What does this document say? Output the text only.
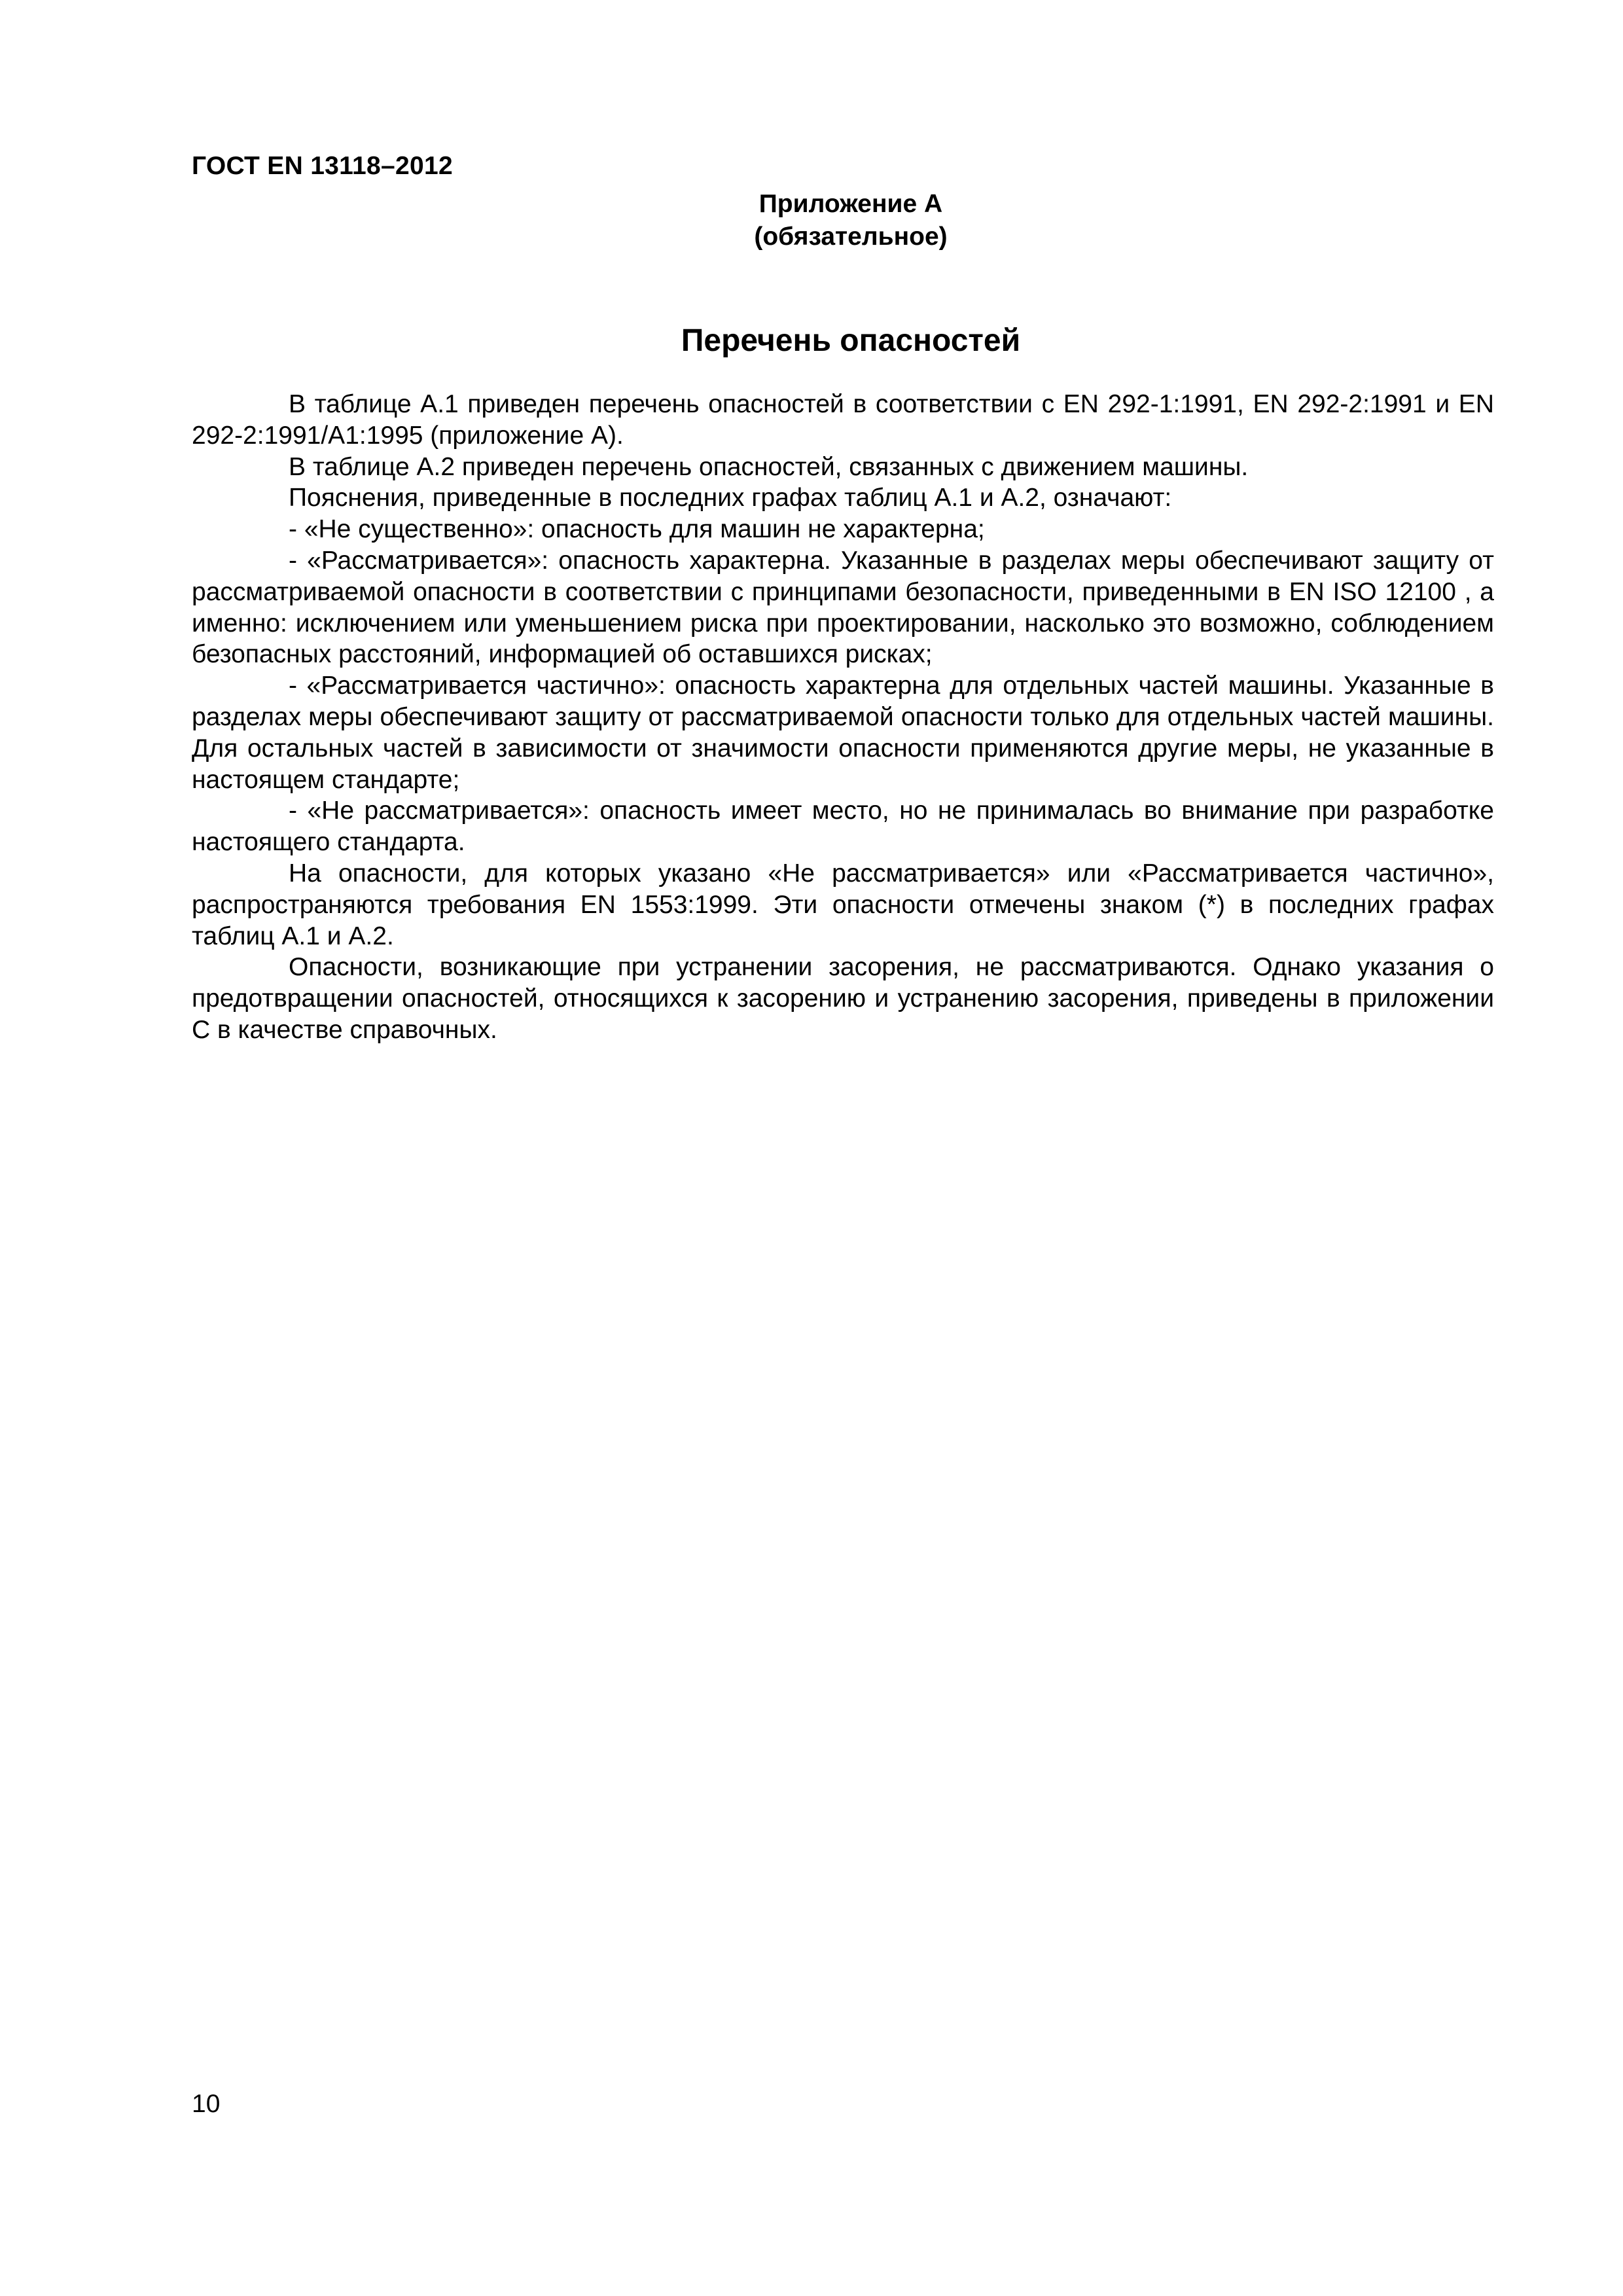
ГОСТ EN 13118–2012
Приложение А
(обязательное)
Перечень опасностей

В таблице А.1 приведен перечень опасностей в соответствии с EN 292-1:1991, EN 292-2:1991 и EN 292-2:1991/A1:1995 (приложение А).

В таблице А.2 приведен перечень опасностей, связанных с движением машины.

Пояснения, приведенные в последних графах таблиц А.1 и А.2, означают:

- «Не существенно»: опасность для машин не характерна;

- «Рассматривается»: опасность характерна. Указанные в разделах меры обеспечивают защиту от рассматриваемой опасности в соответствии с принципами безопасности, приведенными в EN ISO 12100 , а именно: исключением или уменьшением риска при проектировании, насколько это возможно, соблюдением безопасных расстояний, информацией об оставшихся рисках;

- «Рассматривается частично»: опасность характерна для отдельных частей машины. Указанные в разделах меры обеспечивают защиту от рассматриваемой опасности только для отдельных частей машины. Для остальных частей в зависимости от значимости опасности применяются другие меры, не указанные в настоящем стандарте;

- «Не рассматривается»: опасность имеет место, но не принималась во внимание при разработке настоящего стандарта.

На опасности, для которых указано «Не рассматривается» или «Рассматривается частично», распространяются требования EN 1553:1999. Эти опасности отмечены знаком (*) в последних графах таблиц А.1 и А.2.

Опасности, возникающие при устранении засорения, не рассматриваются. Однако указания о предотвращении опасностей, относящихся к засорению и устранению засорения, приведены в приложении С в качестве справочных.

10
